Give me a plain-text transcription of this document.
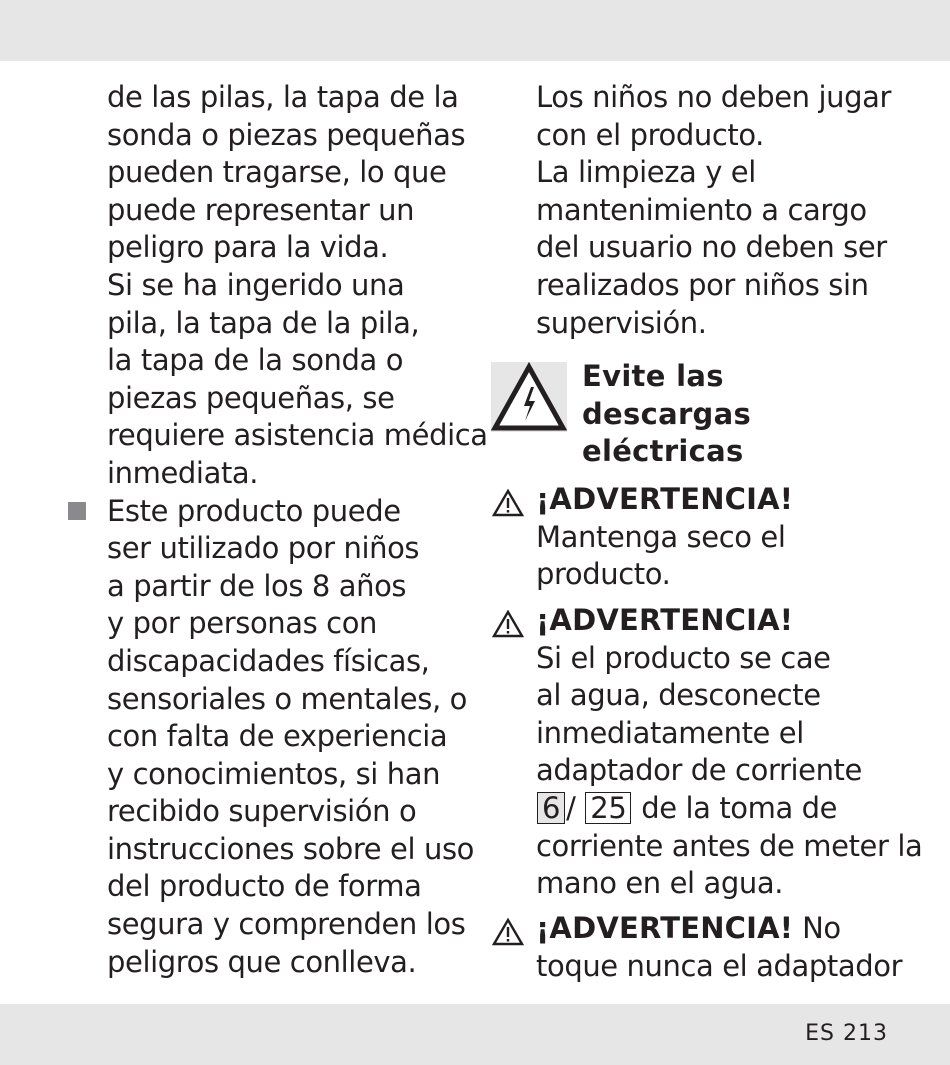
de las pilas, la tapa de la
sonda o piezas pequeñas
pueden tragarse, lo que
puede representar un
peligro para la vida.
Si se ha ingerido una
pila, la tapa de la pila,
la tapa de la sonda o
piezas pequeñas, se
requiere asistencia médica
inmediata.
Este producto puede
ser utilizado por niños
a partir de los 8 años
y por personas con
discapacidades físicas,
sensoriales o mentales, o
con falta de experiencia
y conocimientos, si han
recibido supervisión o
instrucciones sobre el uso
del producto de forma
segura y comprenden los
peligros que conlleva.
Los niños no deben jugar
con el producto.
La limpieza y el
mantenimiento a cargo
del usuario no deben ser
realizados por niños sin
supervisión.
Evite las
descargas
eléctricas
¡ADVERTENCIA!
Mantenga seco el
producto.
¡ADVERTENCIA!
Si el producto se cae
al agua, desconecte
inmediatamente el
adaptador de corriente
6 / 25 de la toma de
corriente antes de meter la
mano en el agua.
¡ADVERTENCIA! No
toque nunca el adaptador
ES 213
